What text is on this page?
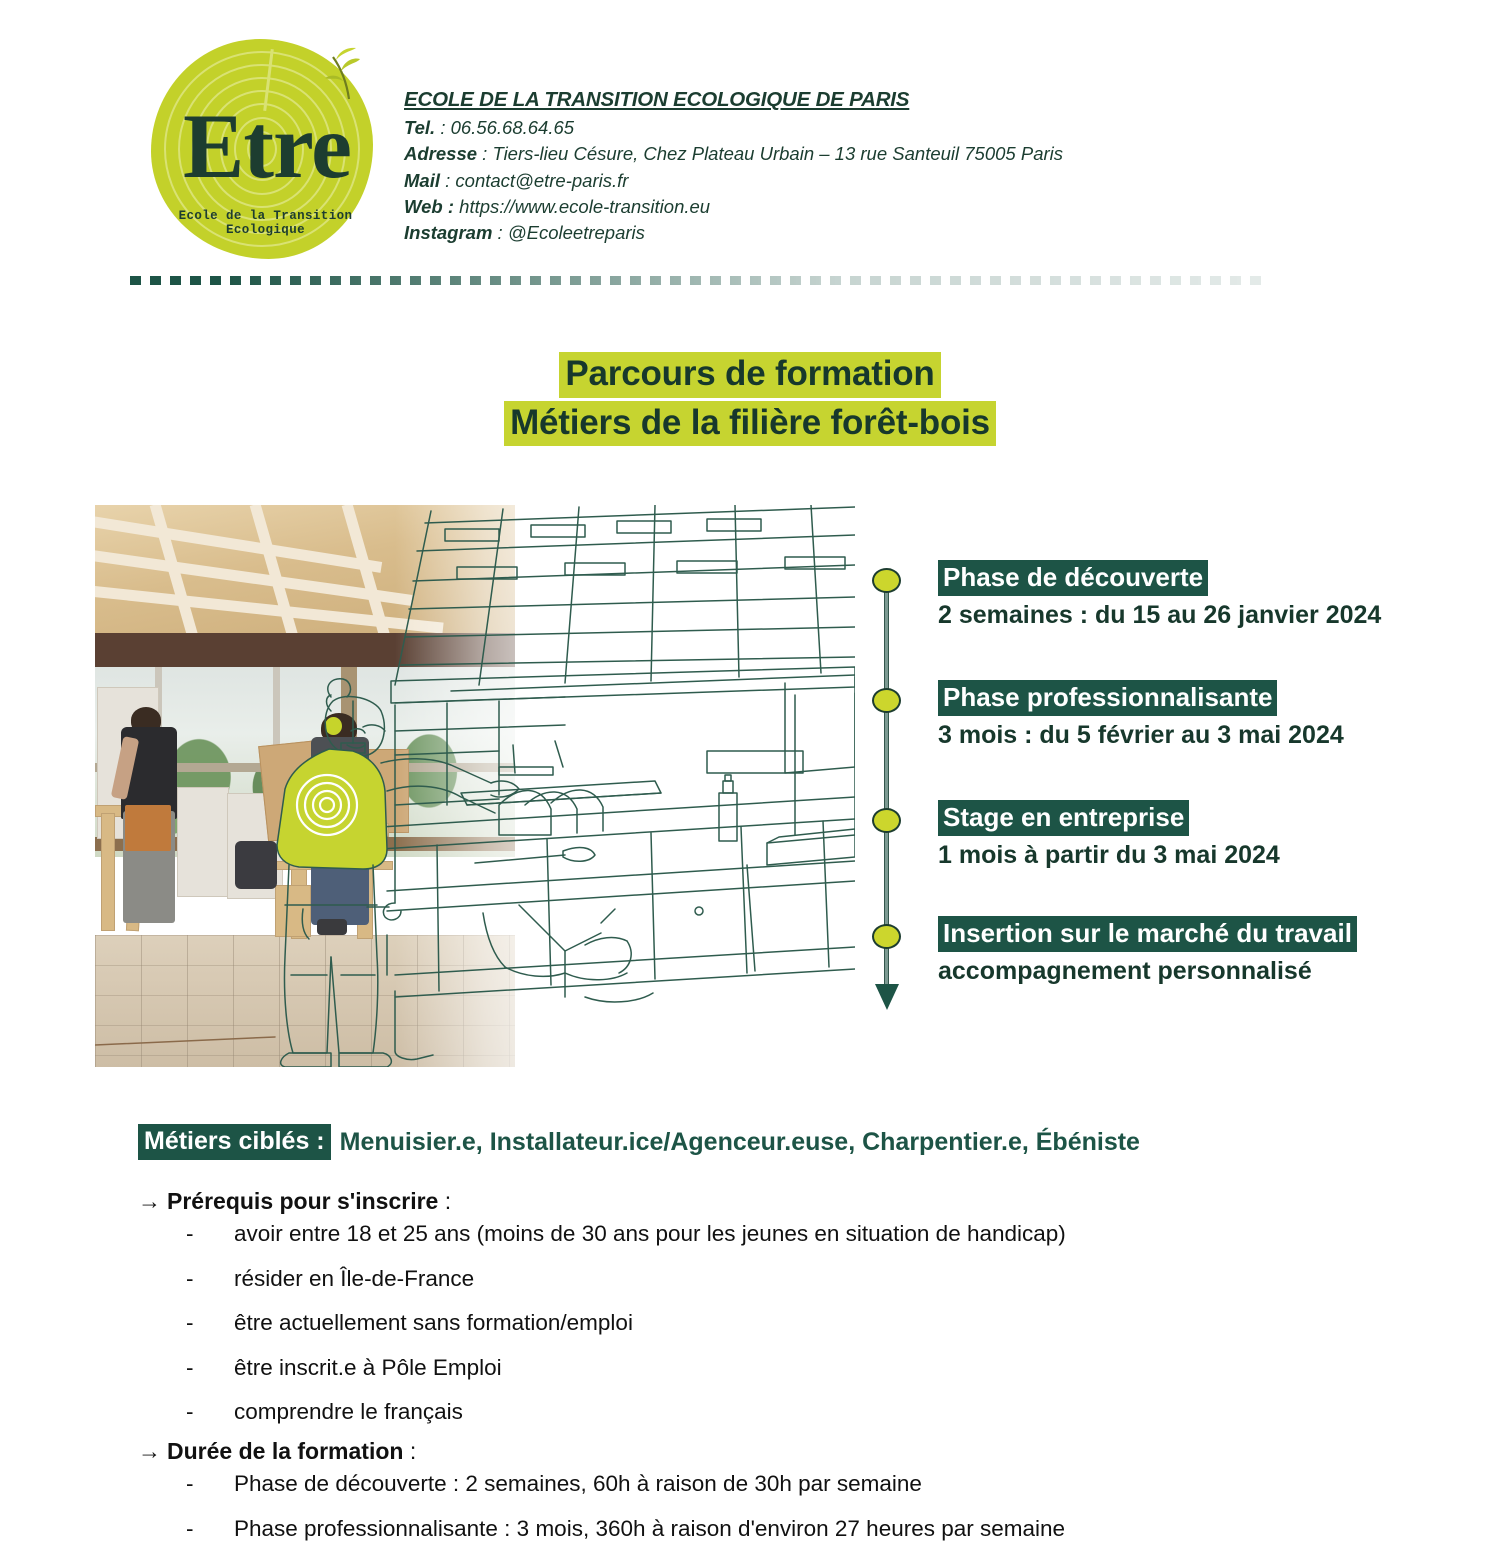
Etre
Ecole de la Transition Ecologique
ECOLE DE LA TRANSITION ECOLOGIQUE DE PARIS
Tel. : 06.56.68.64.65
Adresse : Tiers-lieu Césure, Chez Plateau Urbain – 13 rue Santeuil 75005 Paris
Mail : contact@etre-paris.fr
Web : https://www.ecole-transition.eu
Instagram : @Ecoleetreparis
Parcours de formation
Métiers de la filière forêt-bois
Phase de découverte
2 semaines : du 15 au 26 janvier 2024
Phase professionnalisante
3 mois : du 5 février au 3 mai 2024
Stage en entreprise
1 mois à partir du 3 mai 2024
Insertion sur le marché du travail
accompagnement personnalisé
Métiers ciblés : Menuisier.e, Installateur.ice/Agenceur.euse, Charpentier.e, Ébéniste
→ Prérequis pour s'inscrire :
- avoir entre 18 et 25 ans (moins de 30 ans pour les jeunes en situation de handicap)
- résider en Île-de-France
- être actuellement sans formation/emploi
- être inscrit.e à Pôle Emploi
- comprendre le français
→ Durée de la formation :
- Phase de découverte : 2 semaines, 60h à raison de 30h par semaine
- Phase professionnalisante : 3 mois, 360h à raison d'environ 27 heures par semaine
